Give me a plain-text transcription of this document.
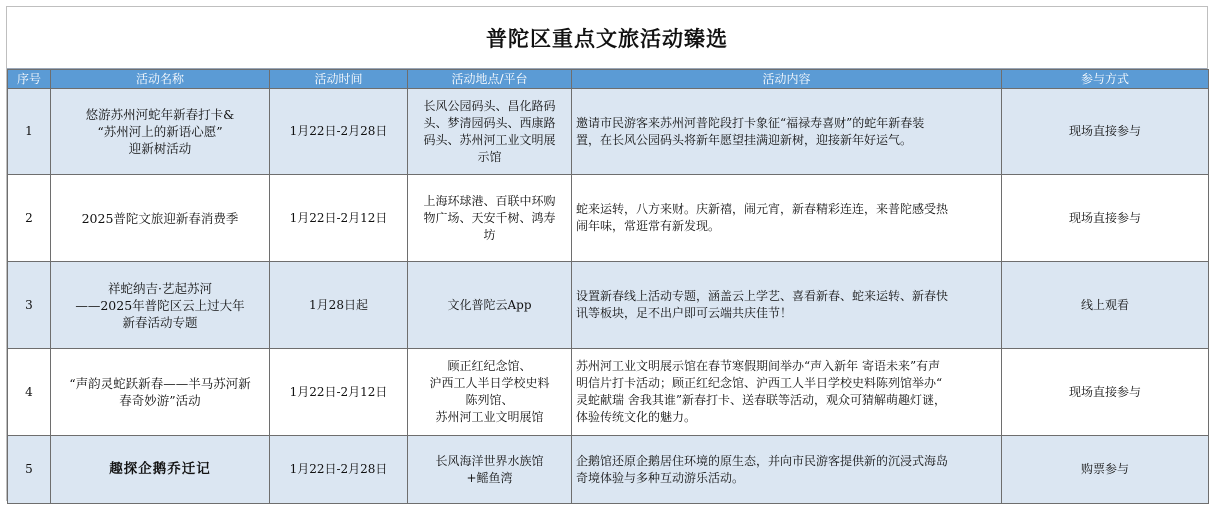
普陀区重点文旅活动臻选
序号	活动名称	活动时间	活动地点/平台	活动内容	参与方式
1	悠游苏州河蛇年新春打卡&
“苏州河上的新语心愿”
迎新树活动	1月22日-2月28日	长风公园码头、昌化路码
头、梦清园码头、西康路
码头、苏州河工业文明展
示馆	邀请市民游客来苏州河普陀段打卡象征“福禄寿喜财”的蛇年新春装
置，在长风公园码头将新年愿望挂满迎新树，迎接新年好运气。	现场直接参与
2	2025普陀文旅迎新春消费季	1月22日-2月12日	上海环球港、百联中环购
物广场、天安千树、鸿寿
坊	蛇来运转，八方来财。庆新禧，闹元宵，新春精彩连连，来普陀感受热
闹年味，常逛常有新发现。	现场直接参与
3	祥蛇纳吉·艺起苏河
——2025年普陀区云上过大年
新春活动专题	1月28日起	文化普陀云App	设置新春线上活动专题，涵盖云上学艺、喜看新春、蛇来运转、新春快
讯等板块，足不出户即可云端共庆佳节！	线上观看
4	“声韵灵蛇跃新春——半马苏河新
春奇妙游”活动	1月22日-2月12日	顾正红纪念馆、
沪西工人半日学校史料
陈列馆、
苏州河工业文明展馆	苏州河工业文明展示馆在春节寒假期间举办“声入新年 寄语未来”有声
明信片打卡活动；顾正红纪念馆、沪西工人半日学校史料陈列馆举办“
灵蛇献瑞 舍我其谁”新春打卡、送春联等活动，观众可猜解萌趣灯谜，
体验传统文化的魅力。	现场直接参与
5	趣探企鹅乔迁记	1月22日-2月28日	长风海洋世界水族馆
+鳐鱼湾	企鹅馆还原企鹅居住环境的原生态，并向市民游客提供新的沉浸式海岛
奇境体验与多种互动游乐活动。	购票参与
